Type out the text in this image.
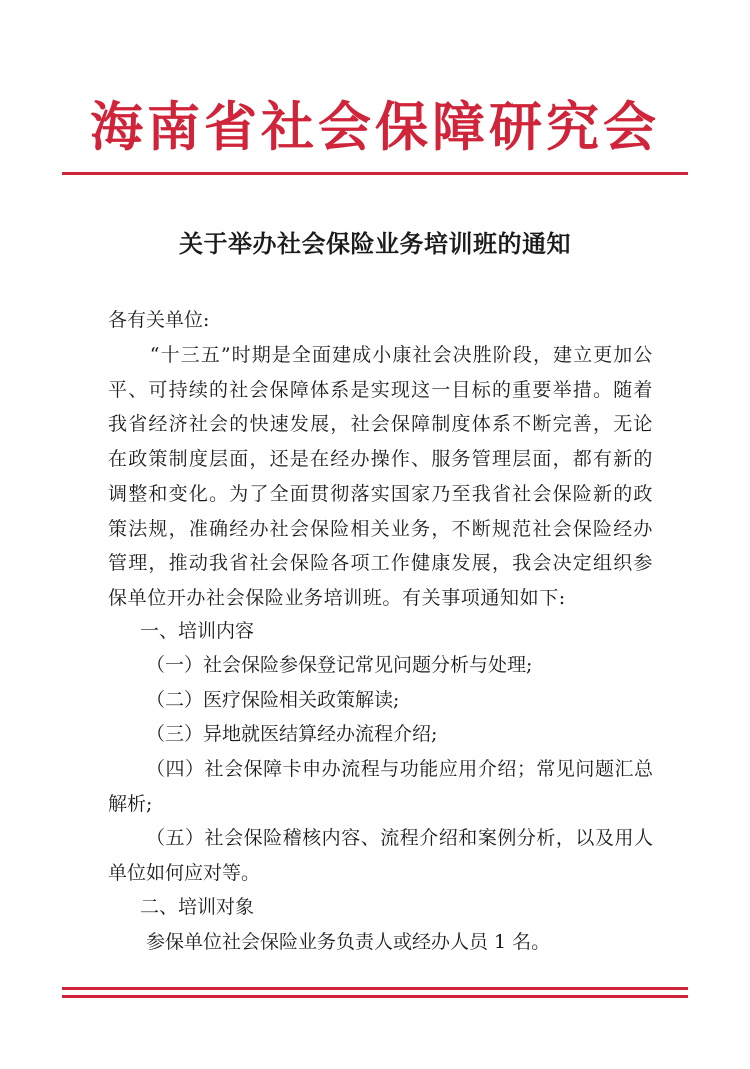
海南省社会保障研究会
关于举办社会保险业务培训班的通知
各有关单位:
“十三五”时期是全面建成小康社会决胜阶段，建立更加公平、可持续的社会保障体系是实现这一目标的重要举措。随着我省经济社会的快速发展，社会保障制度体系不断完善，无论在政策制度层面，还是在经办操作、服务管理层面，都有新的调整和变化。为了全面贯彻落实国家乃至我省社会保险新的政策法规，准确经办社会保险相关业务，不断规范社会保险经办管理，推动我省社会保险各项工作健康发展，我会决定组织参保单位开办社会保险业务培训班。有关事项通知如下:
一、培训内容
（一）社会保险参保登记常见问题分析与处理;
（二）医疗保险相关政策解读;
（三）异地就医结算经办流程介绍;
（四）社会保障卡申办流程与功能应用介绍；常见问题汇总解析;
（五）社会保险稽核内容、流程介绍和案例分析，以及用人单位如何应对等。
二、培训对象
参保单位社会保险业务负责人或经办人员 1 名。
